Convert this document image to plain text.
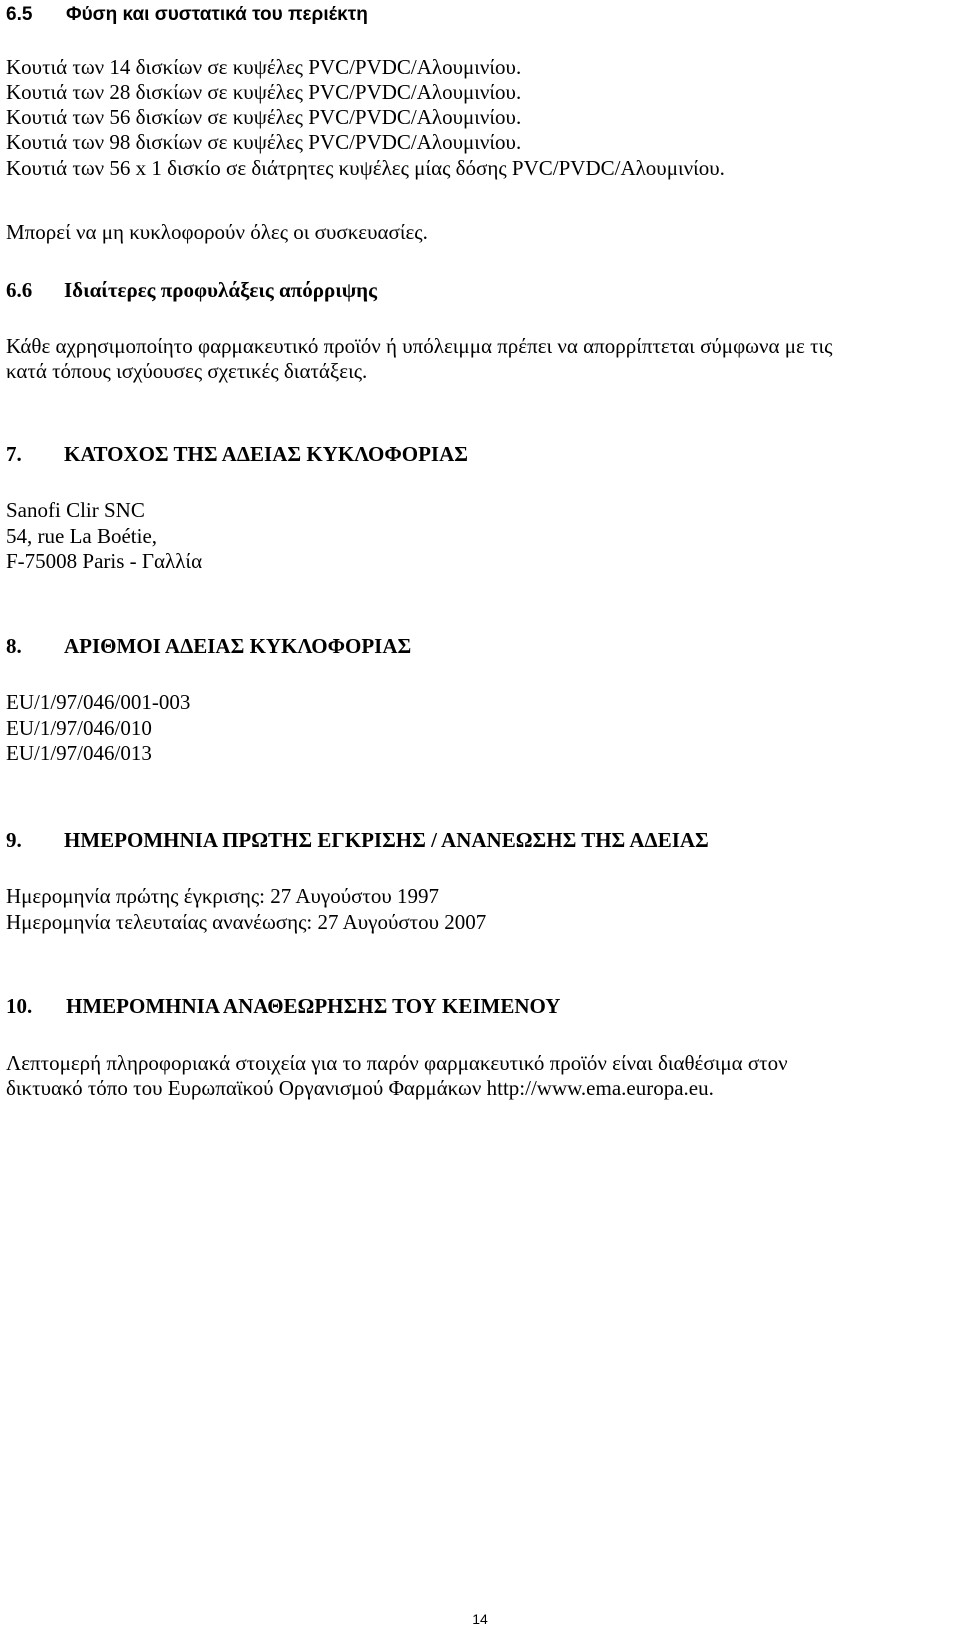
6.5 Φύση και συστατικά του περιέκτη
Κουτιά των 14 δισκίων σε κυψέλες PVC/PVDC/Αλουμινίου.
Κουτιά των 28 δισκίων σε κυψέλες PVC/PVDC/Αλουμινίου.
Κουτιά των 56 δισκίων σε κυψέλες PVC/PVDC/Αλουμινίου.
Κουτιά των 98 δισκίων σε κυψέλες PVC/PVDC/Αλουμινίου.
Κουτιά των 56 x 1 δισκίο σε διάτρητες κυψέλες μίας δόσης PVC/PVDC/Αλουμινίου.
Μπορεί να μη κυκλοφορούν όλες οι συσκευασίες.
6.6 Ιδιαίτερες προφυλάξεις απόρριψης
Κάθε αχρησιμοποίητο φαρμακευτικό προϊόν ή υπόλειμμα πρέπει να απορρίπτεται σύμφωνα με τις
κατά τόπους ισχύουσες σχετικές διατάξεις.
7. ΚΑΤΟΧΟΣ ΤΗΣ ΑΔΕΙΑΣ ΚΥΚΛΟΦΟΡΙΑΣ
Sanofi Clir SNC
54, rue La Boétie,
F-75008 Paris - Γαλλία
8. ΑΡΙΘΜΟΙ ΑΔΕΙΑΣ ΚΥΚΛΟΦΟΡΙΑΣ
EU/1/97/046/001-003
EU/1/97/046/010
EU/1/97/046/013
9. ΗΜΕΡΟΜΗΝΙΑ ΠΡΩΤΗΣ ΕΓΚΡΙΣΗΣ / ΑΝΑΝΕΩΣΗΣ ΤΗΣ ΑΔΕΙΑΣ
Ημερομηνία πρώτης έγκρισης: 27 Αυγούστου 1997
Ημερομηνία τελευταίας ανανέωσης: 27 Αυγούστου 2007
10. ΗΜΕΡΟΜΗΝΙΑ ΑΝΑΘΕΩΡΗΣΗΣ ΤΟΥ ΚΕΙΜΕΝΟΥ
Λεπτομερή πληροφοριακά στοιχεία για το παρόν φαρμακευτικό προϊόν είναι διαθέσιμα στον
δικτυακό τόπο του Ευρωπαϊκού Οργανισμού Φαρμάκων http://www.ema.europa.eu.
14
